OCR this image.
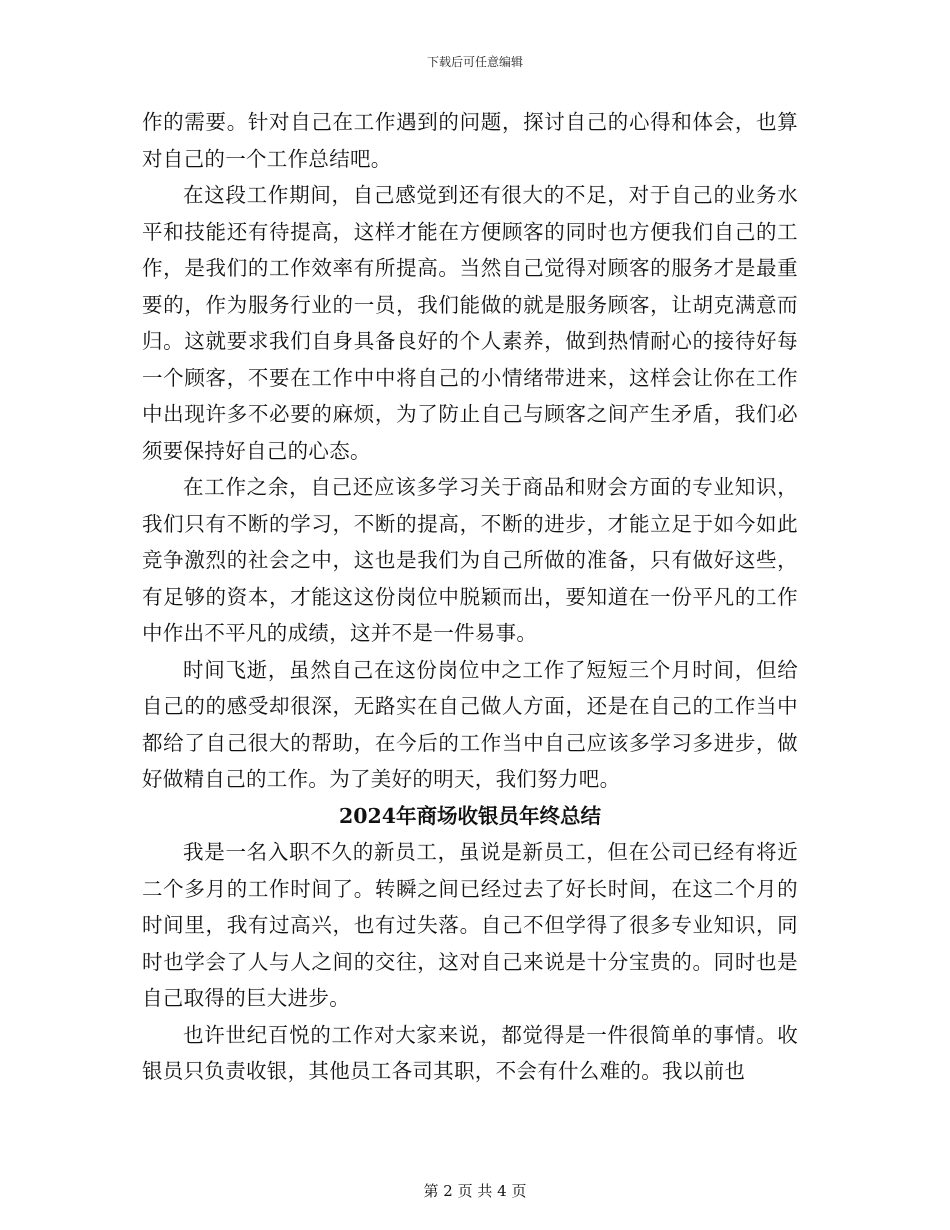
下载后可任意编辑

作的需要。针对自己在工作遇到的问题，探讨自己的心得和体会，也算对自己的一个工作总结吧。

在这段工作期间，自己感觉到还有很大的不足，对于自己的业务水平和技能还有待提高，这样才能在方便顾客的同时也方便我们自己的工作，是我们的工作效率有所提高。当然自己觉得对顾客的服务才是最重要的，作为服务行业的一员，我们能做的就是服务顾客，让胡克满意而归。这就要求我们自身具备良好的个人素养，做到热情耐心的接待好每一个顾客，不要在工作中中将自己的小情绪带进来，这样会让你在工作中出现许多不必要的麻烦，为了防止自己与顾客之间产生矛盾，我们必须要保持好自己的心态。

在工作之余，自己还应该多学习关于商品和财会方面的专业知识，我们只有不断的学习，不断的提高，不断的进步，才能立足于如今如此竞争激烈的社会之中，这也是我们为自己所做的准备，只有做好这些，有足够的资本，才能这这份岗位中脱颖而出，要知道在一份平凡的工作中作出不平凡的成绩，这并不是一件易事。

时间飞逝，虽然自己在这份岗位中之工作了短短三个月时间，但给自己的的感受却很深，无路实在自己做人方面，还是在自己的工作当中都给了自己很大的帮助，在今后的工作当中自己应该多学习多进步，做好做精自己的工作。为了美好的明天，我们努力吧。

2024年商场收银员年终总结

我是一名入职不久的新员工，虽说是新员工，但在公司已经有将近二个多月的工作时间了。转瞬之间已经过去了好长时间，在这二个月的时间里，我有过高兴，也有过失落。自己不但学得了很多专业知识，同时也学会了人与人之间的交往，这对自己来说是十分宝贵的。同时也是自己取得的巨大进步。

也许世纪百悦的工作对大家来说，都觉得是一件很简单的事情。收银员只负责收银，其他员工各司其职，不会有什么难的。我以前也

第 2 页 共 4 页
